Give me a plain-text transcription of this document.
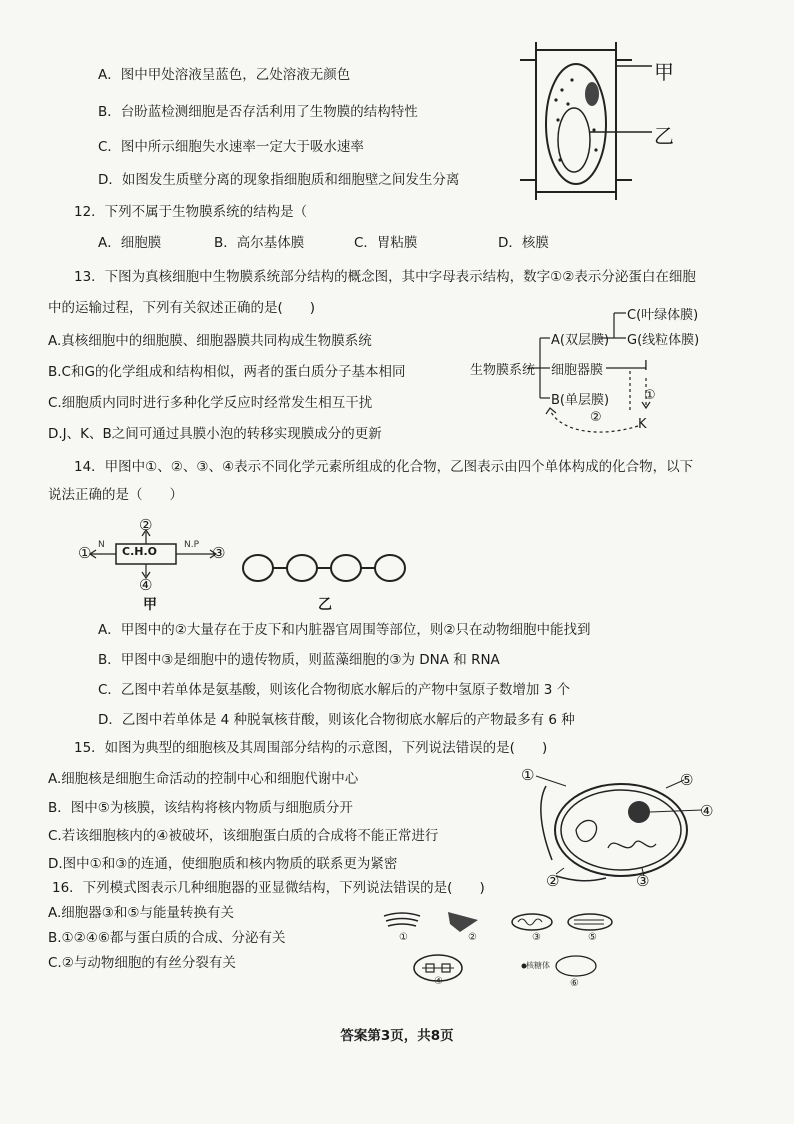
A．图中甲处溶液呈蓝色，乙处溶液无颜色
B．台盼蓝检测细胞是否存活利用了生物膜的结构特性
C．图中所示细胞失水速率一定大于吸水速率
D．如图发生质壁分离的现象指细胞质和细胞壁之间发生分离
甲
乙
12．下列不属于生物膜系统的结构是（
A．细胞膜	B．高尔基体膜	C．胃粘膜	D．核膜
13．下图为真核细胞中生物膜系统部分结构的概念图，其中字母表示结构，数字①②表示分泌蛋白在细胞
中的运输过程，下列有关叙述正确的是(　　)
A.真核细胞中的细胞膜、细胞器膜共同构成生物膜系统
B.C和G的化学组成和结构相似，两者的蛋白质分子基本相同
C.细胞质内同时进行多种化学反应时经常发生相互干扰
D.J、K、B之间可通过具膜小泡的转移实现膜成分的更新
生物膜系统
A(双层膜)
细胞器膜
B(单层膜)
C(叶绿体膜)
G(线粒体膜)
I
K
①
②
14．甲图中①、②、③、④表示不同化学元素所组成的化合物，乙图表示由四个单体构成的化合物，以下
说法正确的是（　　）
C.H.O
①
②
③
④
N	N.P
甲	乙
A．甲图中的②大量存在于皮下和内脏器官周围等部位，则②只在动物细胞中能找到
B．甲图中③是细胞中的遗传物质，则蓝藻细胞的③为 DNA 和 RNA
C．乙图中若单体是氨基酸，则该化合物彻底水解后的产物中氢原子数增加 3 个
D．乙图中若单体是 4 种脱氧核苷酸，则该化合物彻底水解后的产物最多有 6 种
15．如图为典型的细胞核及其周围部分结构的示意图，下列说法错误的是(　　)
A.细胞核是细胞生命活动的控制中心和细胞代谢中心
B．图中⑤为核膜，该结构将核内物质与细胞质分开
C.若该细胞核内的④被破坏，该细胞蛋白质的合成将不能正常进行
D.图中①和③的连通，使细胞质和核内物质的联系更为紧密
①
②	③
④
⑤
16．下列模式图表示几种细胞器的亚显微结构，下列说法错误的是(　　)
A.细胞器③和⑤与能量转换有关
B.①②④⑥都与蛋白质的合成、分泌有关
C.②与动物细胞的有丝分裂有关
①	②	③
④
⑤
⑥
核糖体
答案第3页，共8页
